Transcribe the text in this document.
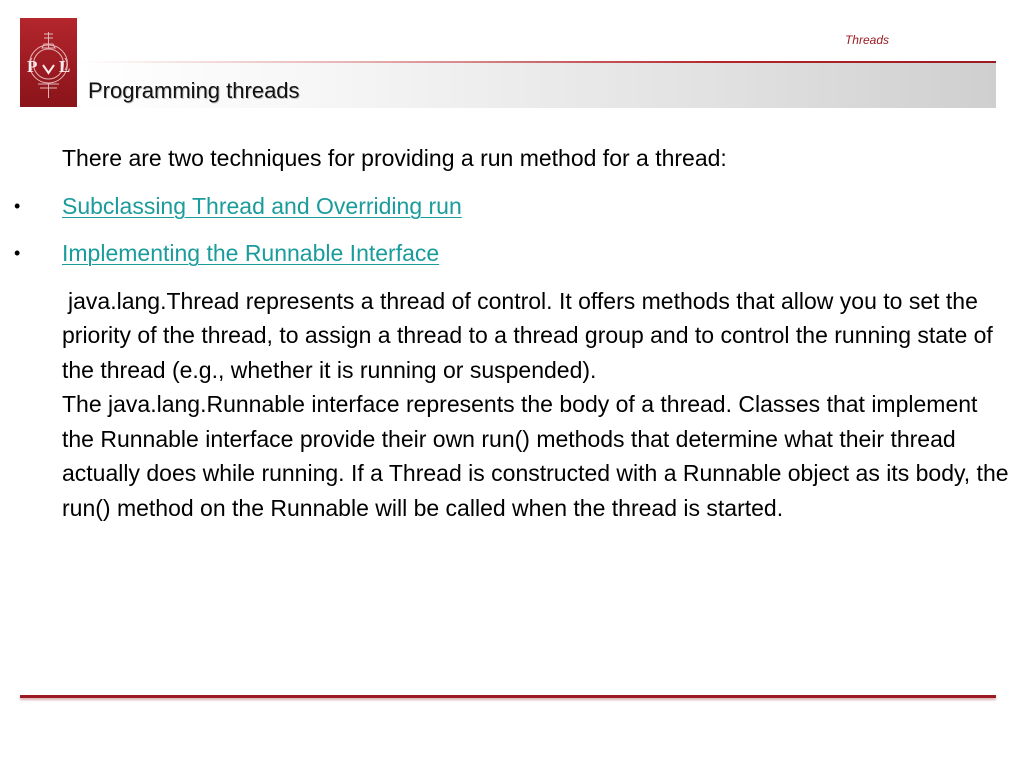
P L
Threads
Programming threads

There are two techniques for providing a run method for a thread:

• Subclassing Thread and Overriding run
• Implementing the Runnable Interface

java.lang.Thread represents a thread of control. It offers methods that allow you to set the priority of the thread, to assign a thread to a thread group and to control the running state of the thread (e.g., whether it is running or suspended).

The java.lang.Runnable interface represents the body of a thread. Classes that implement the Runnable interface provide their own run() methods that determine what their thread actually does while running. If a Thread is constructed with a Runnable object as its body, the run() method on the Runnable will be called when the thread is started.
